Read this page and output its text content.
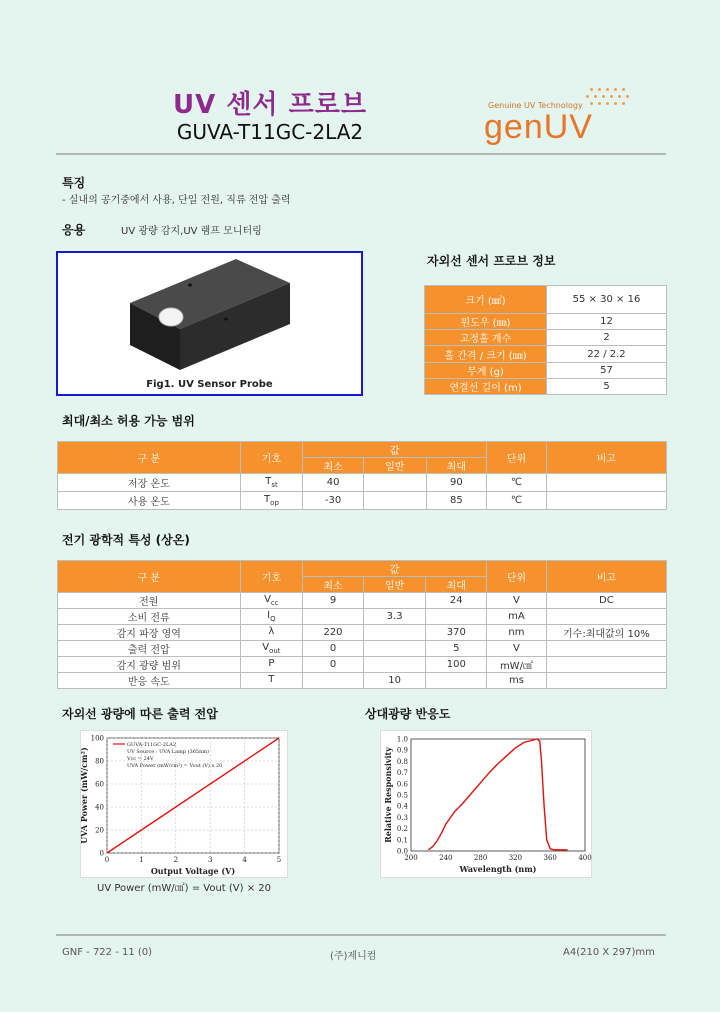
UV 센서 프로브
GUVA-T11GC-2LA2
Genuine UV Technology
genUV
특징
- 실내의 공기중에서 사용, 단일 전원, 직류 전압 출력
응용	UV 광량 감지,UV 램프 모니터링
Fig1. UV Sensor Probe
자외선 센서 프로브 정보
크기 (㎣)	55 × 30 × 16
윈도우 (㎜)	12
고정홀 개수	2
홀 간격 / 크기 (㎜)	22 / 2.2
무게 (g)	57
연결선 길이 (m)	5
최대/최소 허용 가능 범위
구 분	기호	값			단위	비고
		최소	일반	최대		
저장 온도	$T_{st}$	40		90	℃	
사용 온도	$T_{op}$	-30		85	℃	
전기 광학적 특성 (상온)
구 분	기호	값			단위	비고
		최소	일반	최대		
전원	$V_{cc}$	9		24	V	DC
소비 전류	$I_Q$		3.3		mA	
감지 파장 영역	λ	220		370	nm	기수:최대값의 10%
출력 전압	$V_{out}$	0		5	V	
감지 광량 범위	P	0		100	mW/㎠	
반응 속도	T		10		ms	
자외선 광량에 따른 출력 전압
0	1	2	3	4	5
0
20
40
60
80
100
Output Voltage (V)
UVA Power (mW/cm²)
GUVA-T11GC-2LA2
UV Source : UVA Lamp (365nm)
Vcc = 24V
UVA Power (mW/cm²) = Vout (V) x 20
UV Power (mW/㎠) = Vout (V) × 20
상대광량 반응도
200	240	280	320	360	400
0.0
0.1
0.2
0.3
0.4
0.5
0.6
0.7
0.8
0.9
1.0
Wavelength (nm)
Relative Responsivity
GNF - 722 - 11 (0)	(주)제니컴	A4(210 X 297)mm
